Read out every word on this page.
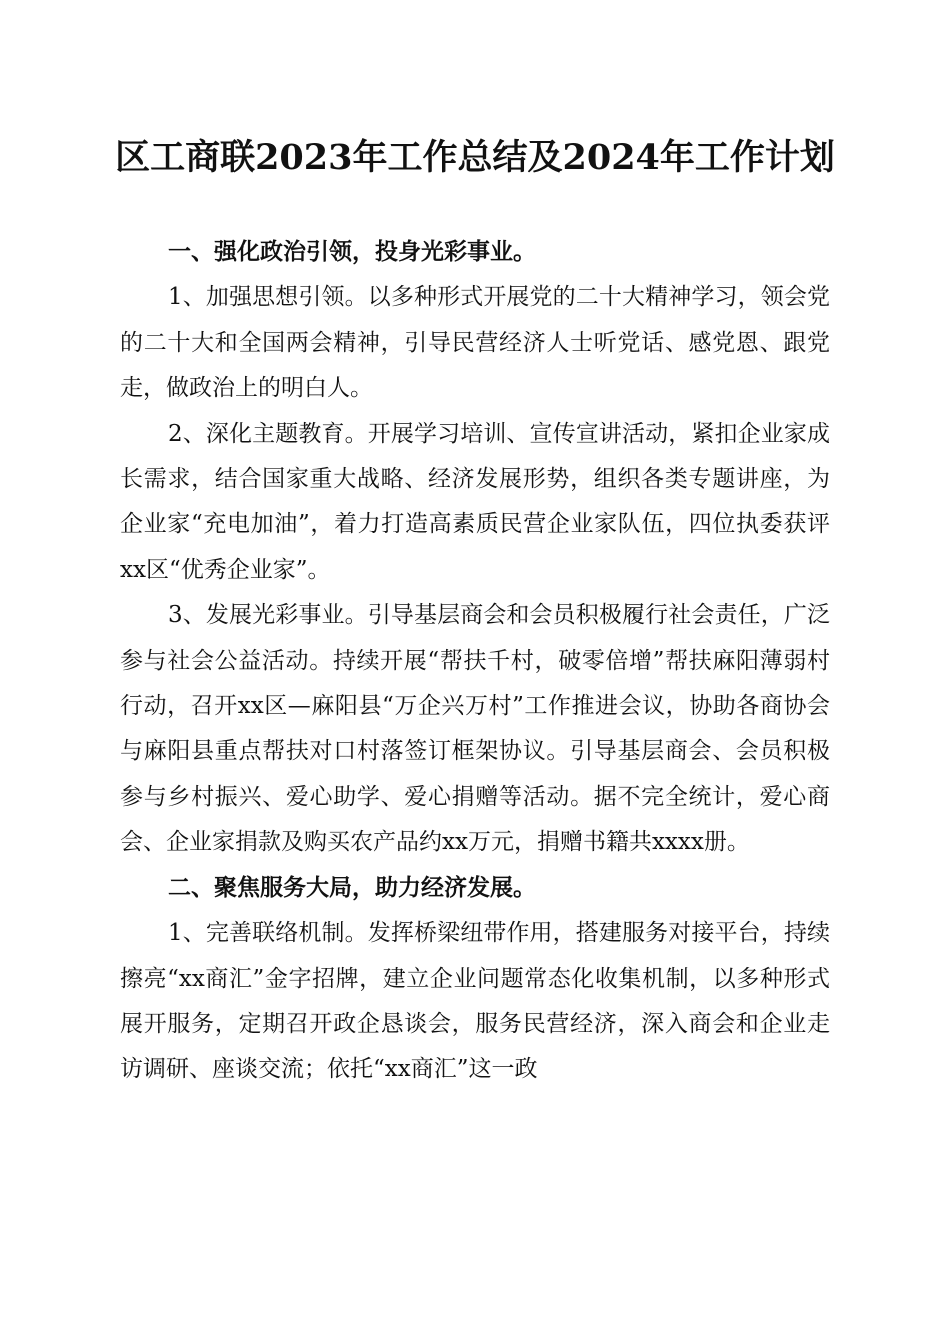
区工商联2023年工作总结及2024年工作计划

一、强化政治引领，投身光彩事业。

1、加强思想引领。以多种形式开展党的二十大精神学习，领会党的二十大和全国两会精神，引导民营经济人士听党话、感党恩、跟党走，做政治上的明白人。

2、深化主题教育。开展学习培训、宣传宣讲活动，紧扣企业家成长需求，结合国家重大战略、经济发展形势，组织各类专题讲座，为企业家“充电加油”，着力打造高素质民营企业家队伍，四位执委获评xx区“优秀企业家”。

3、发展光彩事业。引导基层商会和会员积极履行社会责任，广泛参与社会公益活动。持续开展“帮扶千村，破零倍增”帮扶麻阳薄弱村行动，召开xx区—麻阳县“万企兴万村”工作推进会议，协助各商协会与麻阳县重点帮扶对口村落签订框架协议。引导基层商会、会员积极参与乡村振兴、爱心助学、爱心捐赠等活动。据不完全统计，爱心商会、企业家捐款及购买农产品约xx万元，捐赠书籍共xxxx册。

二、聚焦服务大局，助力经济发展。

1、完善联络机制。发挥桥梁纽带作用，搭建服务对接平台，持续擦亮“xx商汇”金字招牌，建立企业问题常态化收集机制，以多种形式展开服务，定期召开政企恳谈会，服务民营经济，深入商会和企业走访调研、座谈交流；依托“xx商汇”这一政
